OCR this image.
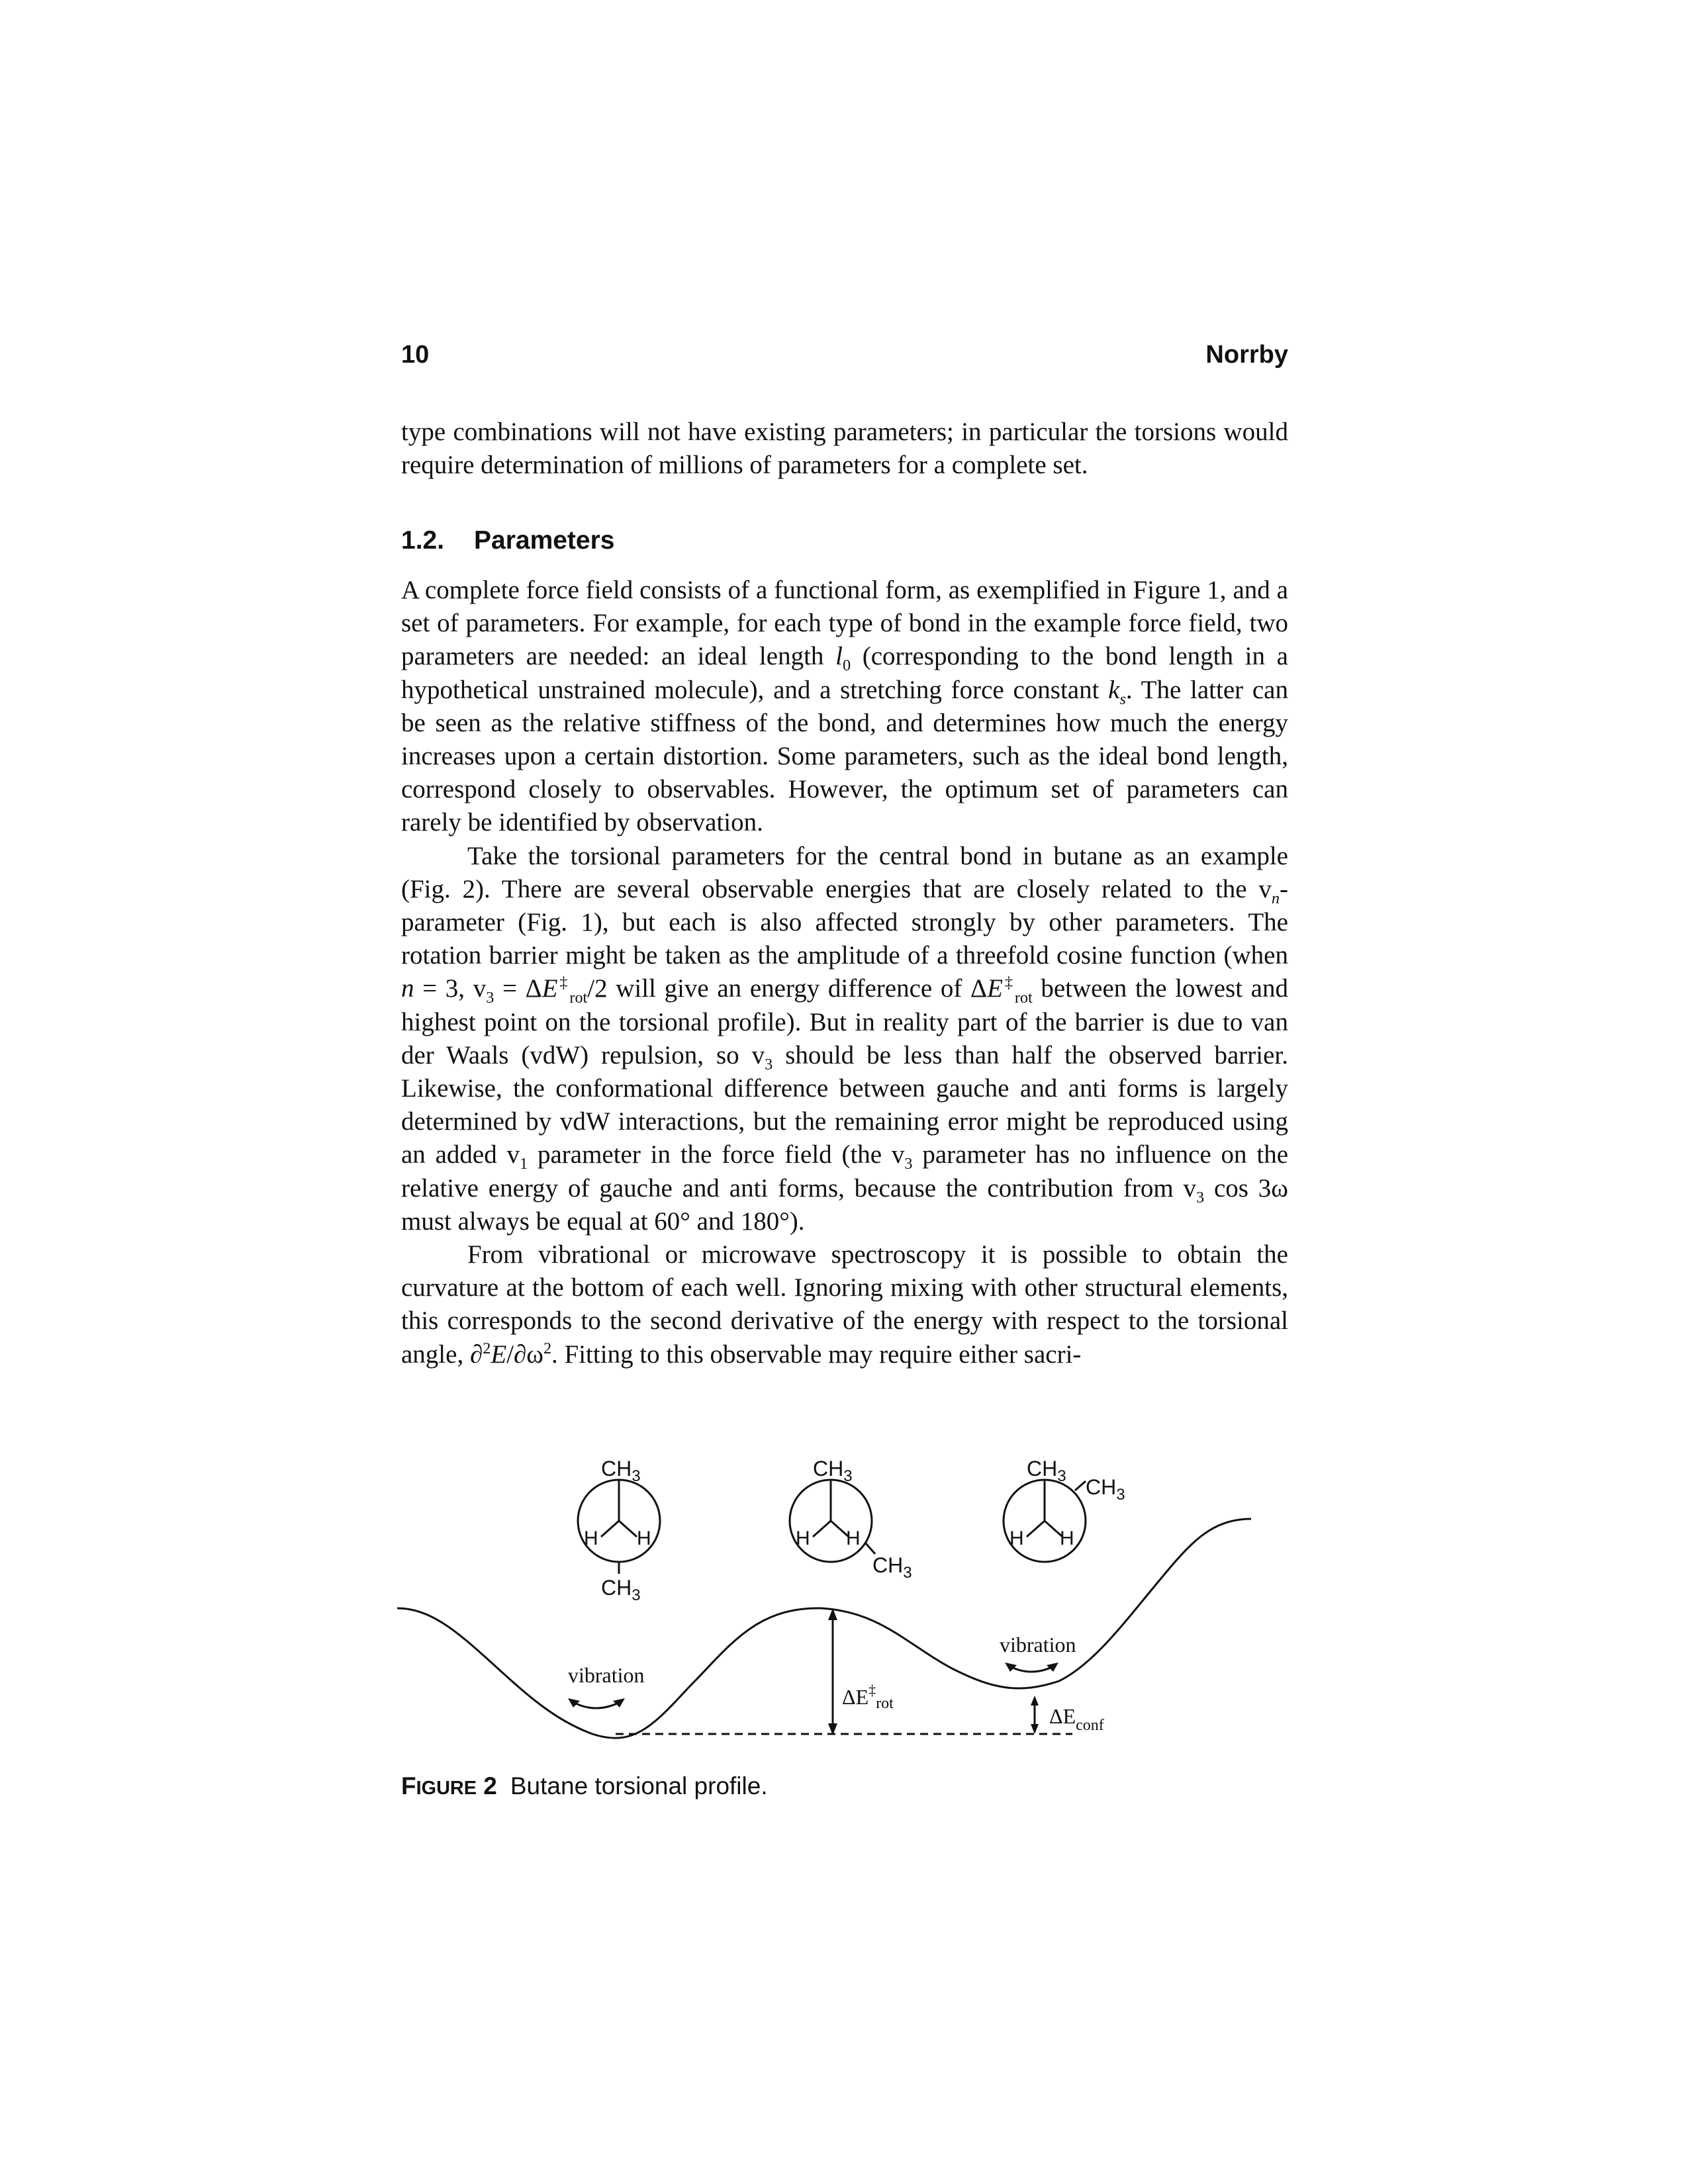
10	Norrby

type combinations will not have existing parameters; in particular the torsions would require determination of millions of parameters for a complete set.

1.2. Parameters

A complete force field consists of a functional form, as exemplified in Figure 1, and a set of parameters. For example, for each type of bond in the example force field, two parameters are needed: an ideal length $l_0$ (corresponding to the bond length in a hypothetical unstrained molecule), and a stretching force constant $k_s$. The latter can be seen as the relative stiffness of the bond, and determines how much the energy increases upon a certain distortion. Some parameters, such as the ideal bond length, correspond closely to observables. However, the optimum set of parameters can rarely be identified by observation.

Take the torsional parameters for the central bond in butane as an example (Fig. 2). There are several observable energies that are closely related to the $v_n$-parameter (Fig. 1), but each is also affected strongly by other parameters. The rotation barrier might be taken as the amplitude of a threefold cosine function (when n = 3, $v_3 = \Delta E^\ddagger_{rot}/2$ will give an energy difference of $\Delta E^\ddagger_{rot}$ between the lowest and highest point on the torsional profile). But in reality part of the barrier is due to van der Waals (vdW) repulsion, so $v_3$ should be less than half the observed barrier. Likewise, the conformational difference between gauche and anti forms is largely determined by vdW interactions, but the remaining error might be reproduced using an added $v_1$ parameter in the force field (the $v_3$ parameter has no influence on the relative energy of gauche and anti forms, because the contribution from $v_3$ cos 3ω must always be equal at 60° and 180°).

From vibrational or microwave spectroscopy it is possible to obtain the curvature at the bottom of each well. Ignoring mixing with other structural elements, this corresponds to the second derivative of the energy with respect to the torsional angle, $\partial^2E/\partial\omega^2$. Fitting to this observable may require either sacri-

$\Delta E^\ddagger_{rot}$
$\Delta E_{conf}$
vibration
vibration
$CH_3$
H H
$CH_3$
$CH_3$
H H
$CH_3$
$CH_3$ $CH_3$
H H
FIGURE 2 Butane torsional profile.
